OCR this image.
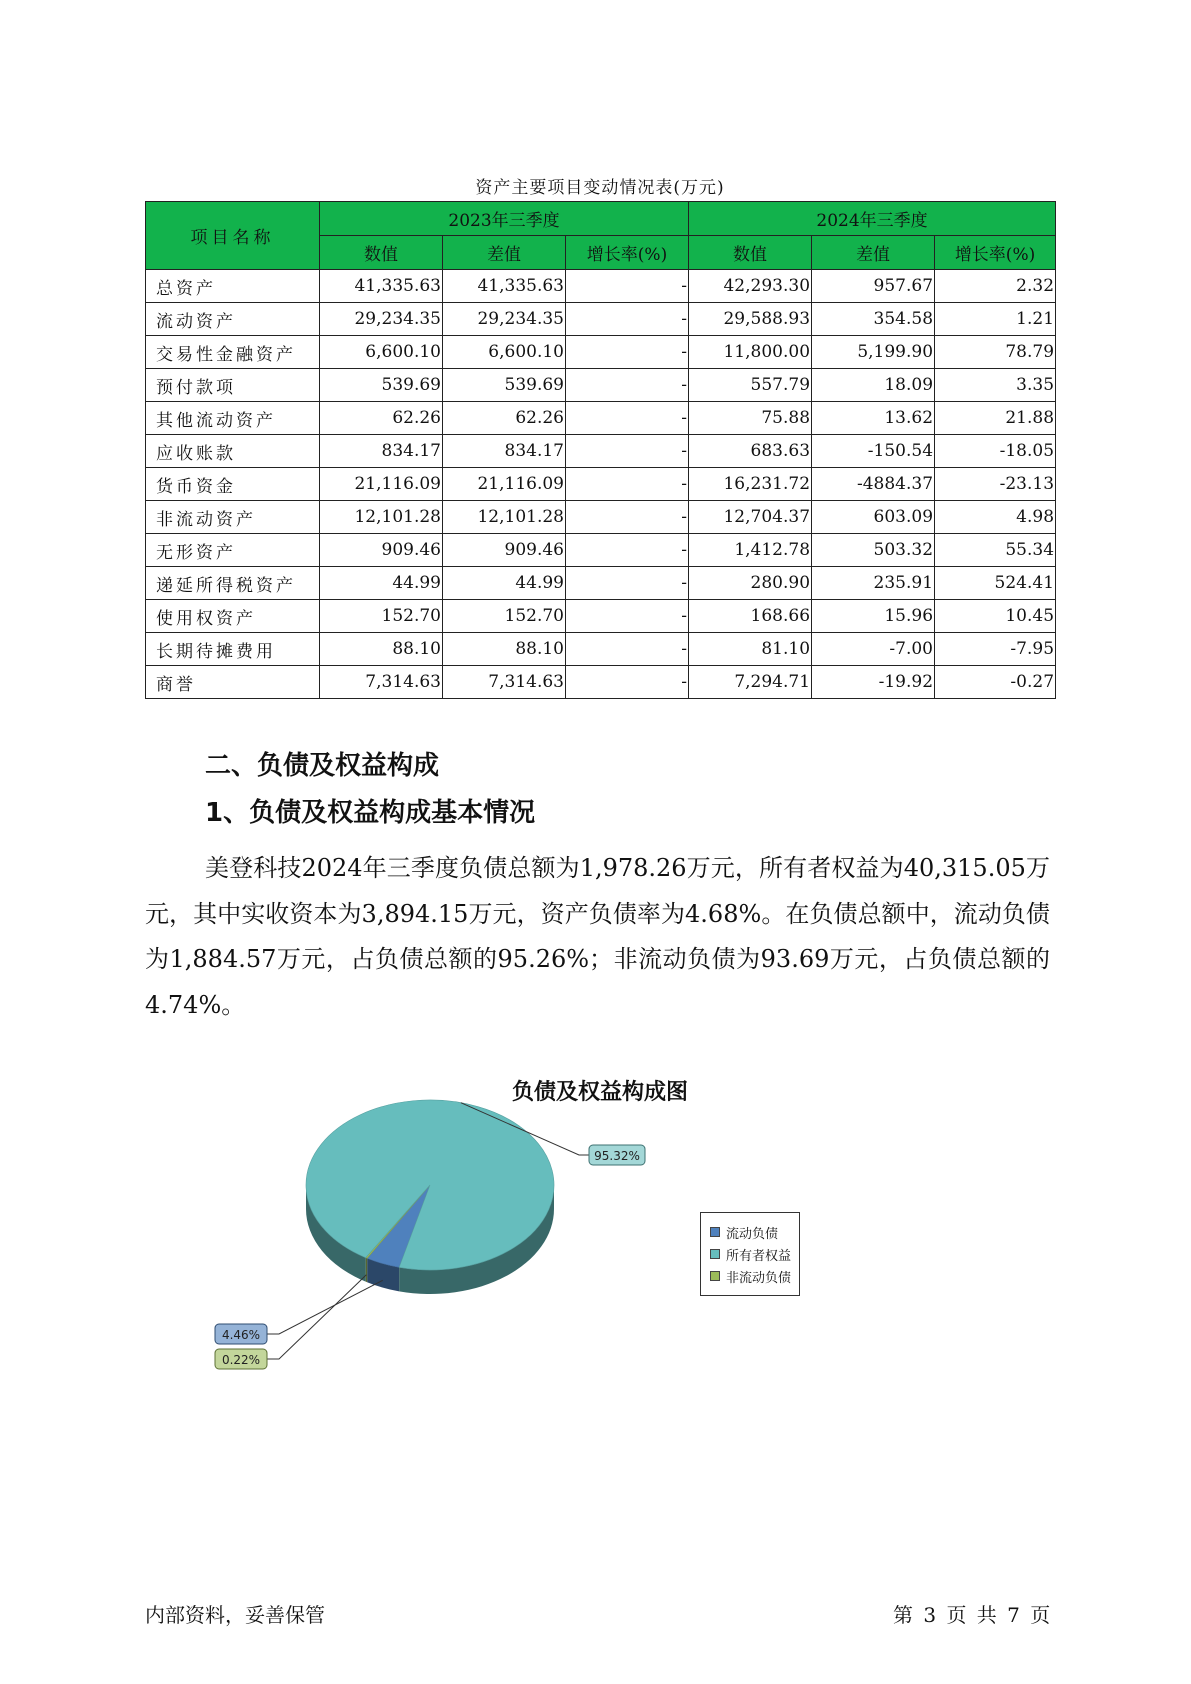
资产主要项目变动情况表(万元)
项目名称	2023年三季度			2024年三季度		
	数值	差值	增长率(%)	数值	差值	增长率(%)
总资产	41,335.63	41,335.63	-	42,293.30	957.67	2.32
流动资产	29,234.35	29,234.35	-	29,588.93	354.58	1.21
交易性金融资产	6,600.10	6,600.10	-	11,800.00	5,199.90	78.79
预付款项	539.69	539.69	-	557.79	18.09	3.35
其他流动资产	62.26	62.26	-	75.88	13.62	21.88
应收账款	834.17	834.17	-	683.63	-150.54	-18.05
货币资金	21,116.09	21,116.09	-	16,231.72	-4884.37	-23.13
非流动资产	12,101.28	12,101.28	-	12,704.37	603.09	4.98
无形资产	909.46	909.46	-	1,412.78	503.32	55.34
递延所得税资产	44.99	44.99	-	280.90	235.91	524.41
使用权资产	152.70	152.70	-	168.66	15.96	10.45
长期待摊费用	88.10	88.10	-	81.10	-7.00	-7.95
商誉	7,314.63	7,314.63	-	7,294.71	-19.92	-0.27
二、负债及权益构成
1、负债及权益构成基本情况

美登科技2024年三季度负债总额为1,978.26万元，所有者权益为40,315.05万元，其中实收资本为3,894.15万元，资产负债率为4.68%。在负债总额中，流动负债为1,884.57万元，占负债总额的95.26%；非流动负债为93.69万元，占负债总额的4.74%。

负债及权益构成图
4.46%
95.32%
0.22%
流动负债
所有者权益
非流动负债
内部资料，妥善保管	第 3 页 共 7 页
